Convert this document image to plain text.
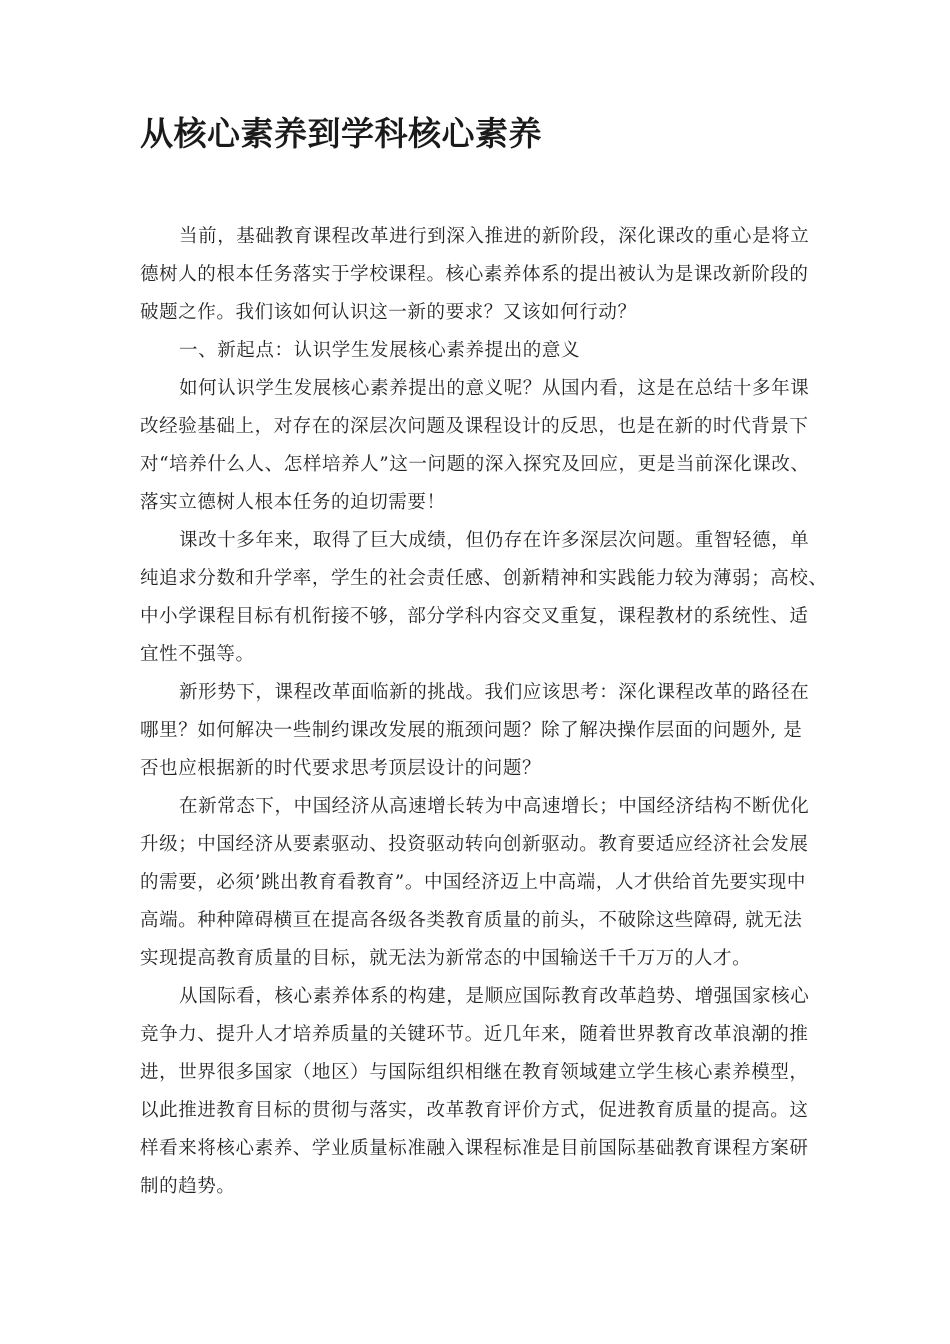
从核心素养到学科核心素养
当前，基础教育课程改革进行到深入推进的新阶段，深化课改的重心是将立
德树人的根本任务落实于学校课程。核心素养体系的提出被认为是课改新阶段的
破题之作。我们该如何认识这一新的要求？又该如何行动？
一、新起点：认识学生发展核心素养提出的意义
如何认识学生发展核心素养提出的意义呢？从国内看，这是在总结十多年课
改经验基础上，对存在的深层次问题及课程设计的反思，也是在新的时代背景下
对“培养什么人、怎样培养人”这一问题的深入探究及回应，更是当前深化课改、
落实立德树人根本任务的迫切需要！
课改十多年来，取得了巨大成绩，但仍存在许多深层次问题。重智轻德，单
纯追求分数和升学率，学生的社会责任感、创新精神和实践能力较为薄弱；高校、
中小学课程目标有机衔接不够，部分学科内容交叉重复，课程教材的系统性、适
宜性不强等。
新形势下，课程改革面临新的挑战。我们应该思考：深化课程改革的路径在
哪里？如何解决一些制约课改发展的瓶颈问题？除了解决操作层面的问题外, 是
否也应根据新的时代要求思考顶层设计的问题？
在新常态下，中国经济从高速增长转为中高速增长；中国经济结构不断优化
升级；中国经济从要素驱动、投资驱动转向创新驱动。教育要适应经济社会发展
的需要，必须’跳出教育看教育”。中国经济迈上中高端，人才供给首先要实现中
高端。种种障碍横亘在提高各级各类教育质量的前头，不破除这些障碍, 就无法
实现提高教育质量的目标，就无法为新常态的中国输送千千万万的人才。
从国际看，核心素养体系的构建，是顺应国际教育改革趋势、增强国家核心
竞争力、提升人才培养质量的关键环节。近几年来，随着世界教育改革浪潮的推
进，世界很多国家（地区）与国际组织相继在教育领域建立学生核心素养模型，
以此推进教育目标的贯彻与落实，改革教育评价方式，促进教育质量的提高。这
样看来将核心素养、学业质量标准融入课程标准是目前国际基础教育课程方案研
制的趋势。
